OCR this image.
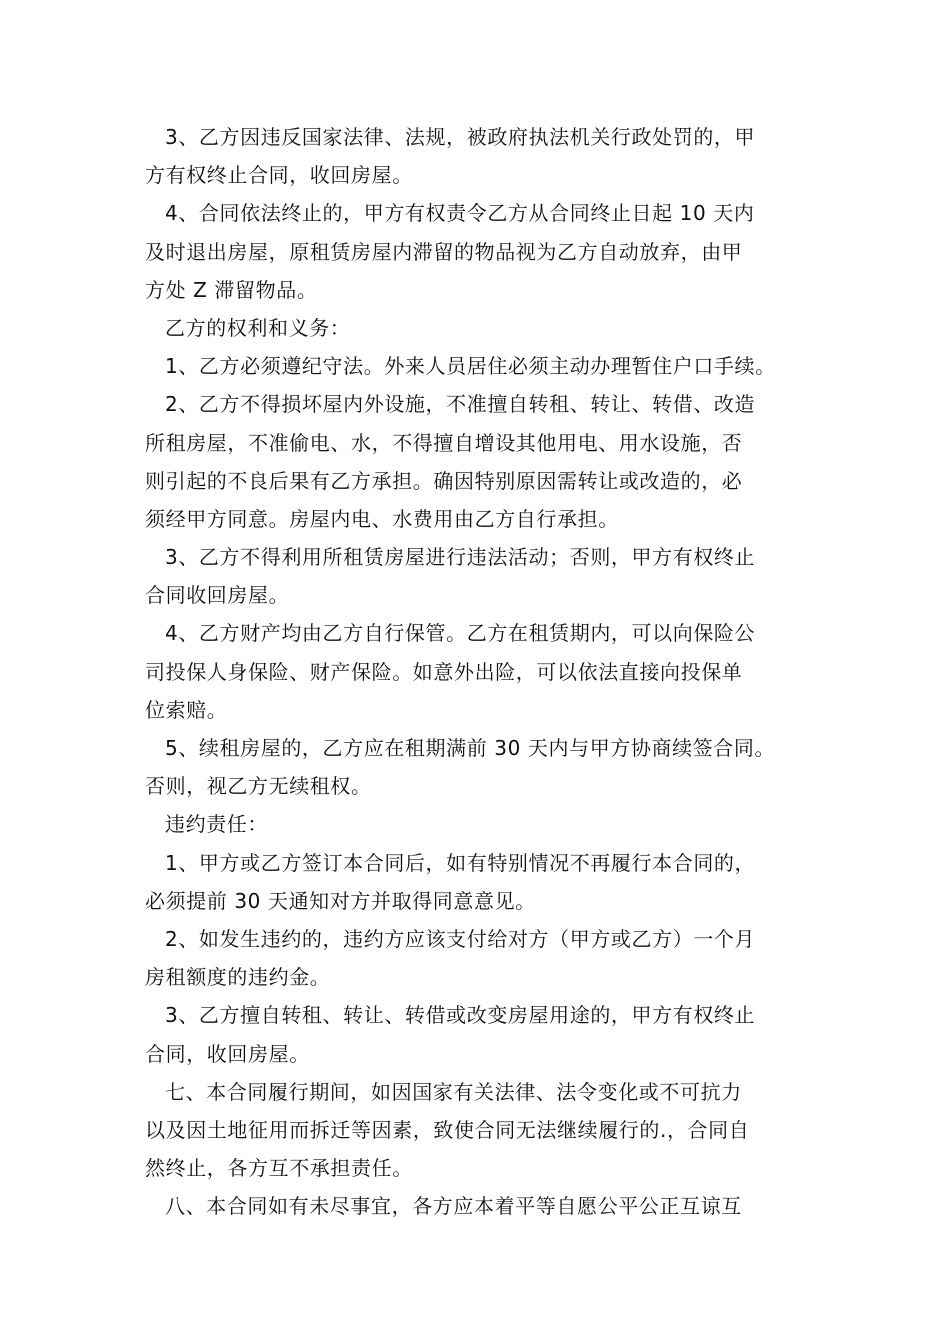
3、乙方因违反国家法律、法规，被政府执法机关行政处罚的，甲
方有权终止合同，收回房屋。
4、合同依法终止的，甲方有权责令乙方从合同终止日起 10 天内
及时退出房屋，原租赁房屋内滞留的物品视为乙方自动放弃，由甲
方处 Z 滞留物品。
乙方的权利和义务：
1、乙方必须遵纪守法。外来人员居住必须主动办理暂住户口手续。
2、乙方不得损坏屋内外设施，不准擅自转租、转让、转借、改造
所租房屋，不准偷电、水，不得擅自增设其他用电、用水设施，否
则引起的不良后果有乙方承担。确因特别原因需转让或改造的，必
须经甲方同意。房屋内电、水费用由乙方自行承担。
3、乙方不得利用所租赁房屋进行违法活动；否则，甲方有权终止
合同收回房屋。
4、乙方财产均由乙方自行保管。乙方在租赁期内，可以向保险公
司投保人身保险、财产保险。如意外出险，可以依法直接向投保单
位索赔。
5、续租房屋的，乙方应在租期满前 30 天内与甲方协商续签合同。
否则，视乙方无续租权。
违约责任：
1、甲方或乙方签订本合同后，如有特别情况不再履行本合同的，
必须提前 30 天通知对方并取得同意意见。
2、如发生违约的，违约方应该支付给对方（甲方或乙方）一个月
房租额度的违约金。
3、乙方擅自转租、转让、转借或改变房屋用途的，甲方有权终止
合同，收回房屋。
七、本合同履行期间，如因国家有关法律、法令变化或不可抗力
以及因土地征用而拆迁等因素，致使合同无法继续履行的.，合同自
然终止，各方互不承担责任。
八、本合同如有未尽事宜，各方应本着平等自愿公平公正互谅互
